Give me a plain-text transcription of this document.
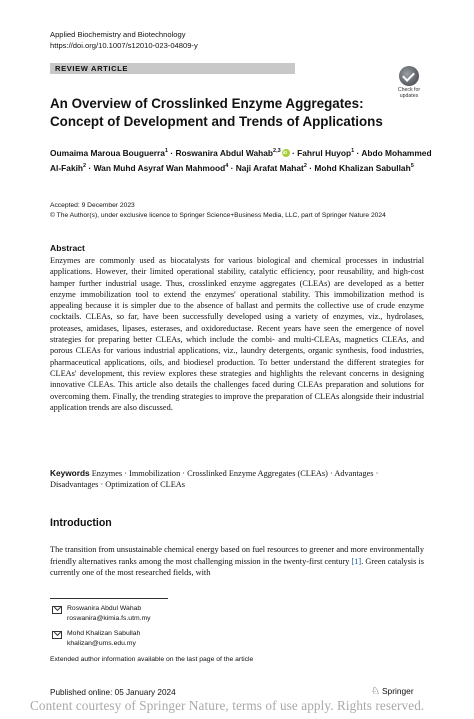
Applied Biochemistry and Biotechnology
https://doi.org/10.1007/s12010-023-04809-y
REVIEW ARTICLE
Check for updates
An Overview of Crosslinked Enzyme Aggregates: Concept of Development and Trends of Applications
Oumaima Maroua Bouguerra$^1$ · Roswanira Abdul Wahab$^{2,3}$iD · Fahrul Huyop$^1$ · Abdo Mohammed Al-Fakih$^2$ · Wan Muhd Asyraf Wan Mahmood$^4$ · Naji Arafat Mahat$^2$ · Mohd Khalizan Sabullah$^5$
Accepted: 9 December 2023
© The Author(s), under exclusive licence to Springer Science+Business Media, LLC, part of Springer Nature 2024
Abstract
Enzymes are commonly used as biocatalysts for various biological and chemical processes in industrial applications. However, their limited operational stability, catalytic efficiency, poor reusability, and high-cost hamper further industrial usage. Thus, crosslinked enzyme aggregates (CLEAs) are developed as a better enzyme immobilization tool to extend the enzymes' operational stability. This immobilization method is appealing because it is simpler due to the absence of ballast and permits the collective use of crude enzyme cocktails. CLEAs, so far, have been successfully developed using a variety of enzymes, viz., hydrolases, proteases, amidases, lipases, esterases, and oxidoreductase. Recent years have seen the emergence of novel strategies for preparing better CLEAs, which include the combi- and multi-CLEAs, magnetics CLEAs, and porous CLEAs for various industrial applications, viz., laundry detergents, organic synthesis, food industries, pharmaceutical applications, oils, and biodiesel production. To better understand the different strategies for CLEAs' development, this review explores these strategies and highlights the relevant concerns in designing innovative CLEAs. This article also details the challenges faced during CLEAs preparation and solutions for overcoming them. Finally, the trending strategies to improve the preparation of CLEAs alongside their industrial application trends are also discussed.
Keywords Enzymes · Immobilization · Crosslinked Enzyme Aggregates (CLEAs) · Advantages · Disadvantages · Optimization of CLEAs
Introduction
The transition from unsustainable chemical energy based on fuel resources to greener and more environmentally friendly alternatives ranks among the most challenging mission in the twenty-first century [1]. Green catalysis is currently one of the most researched fields, with
Roswanira Abdul Wahab
roswanira@kimia.fs.utm.my
Mohd Khalizan Sabullah
khalizan@ums.edu.my
Extended author information available on the last page of the article
Published online: 05 January 2024	♘ Springer
Content courtesy of Springer Nature, terms of use apply. Rights reserved.
